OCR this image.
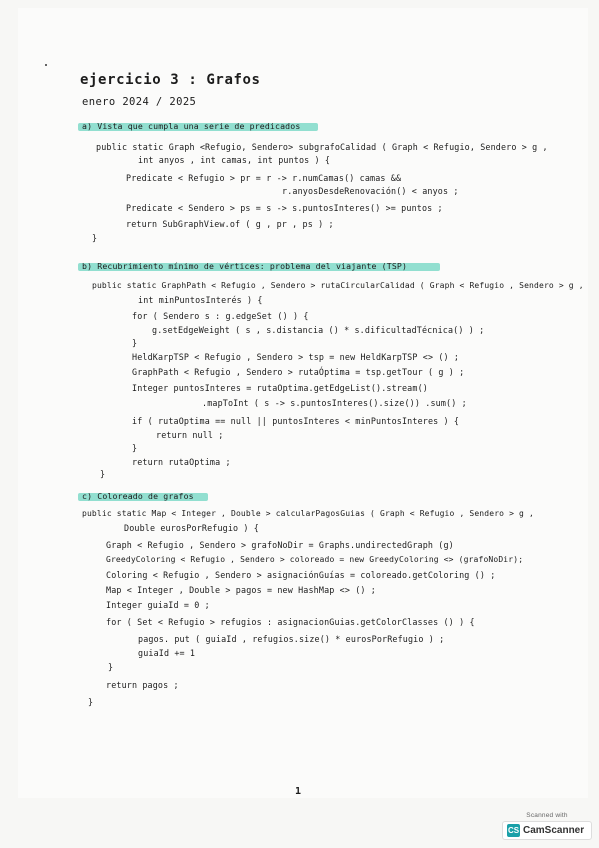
ejercicio 3 : Grafos
enero 2024 / 2025
a) Vista que cumpla una serie de predicados
public static Graph <Refugio, Sendero> subgrafoCalidad ( Graph < Refugio, Sendero > g ,
int anyos , int camas, int puntos ) {
Predicate < Refugio > pr = r -> r.numCamas() camas &&
r.anyosDesdeRenovación() < anyos ;
Predicate < Sendero > ps = s -> s.puntosInteres() >= puntos ;
return SubGraphView.of ( g , pr , ps ) ;
}
b) Recubrimiento mínimo de vértices: problema del viajante (TSP)
public static GraphPath < Refugio , Sendero > rutaCircularCalidad ( Graph < Refugio , Sendero > g ,
int minPuntosInterés ) {
for ( Sendero s : g.edgeSet () ) {
g.setEdgeWeight ( s , s.distancia () * s.dificultadTécnica() ) ;
}
HeldKarpTSP < Refugio , Sendero > tsp = new HeldKarpTSP <> () ;
GraphPath < Refugio , Sendero > rutaÓptima = tsp.getTour ( g ) ;
Integer puntosInteres = rutaOptima.getEdgeList().stream()
.mapToInt ( s -> s.puntosInteres().size()) .sum() ;
if ( rutaOptima == null || puntosInteres < minPuntosInteres ) {
return null ;
}
return rutaOptima ;
}
c) Coloreado de grafos
public static Map < Integer , Double > calcularPagosGuias ( Graph < Refugio , Sendero > g ,
Double eurosPorRefugio ) {
Graph < Refugio , Sendero > grafoNoDir = Graphs.undirectedGraph (g)
GreedyColoring < Refugio , Sendero > coloreado = new GreedyColoring <> (grafoNoDir);
Coloring < Refugio , Sendero > asignaciónGuías = coloreado.getColoring () ;
Map < Integer , Double > pagos = new HashMap <> () ;
Integer guiaId = 0 ;
for ( Set < Refugio > refugios : asignacionGuias.getColorClasses () ) {
pagos. put ( guiaId , refugios.size() * eurosPorRefugio ) ;
guiaId += 1
}
return pagos ;
}
1
Scanned with
CS CamScanner
